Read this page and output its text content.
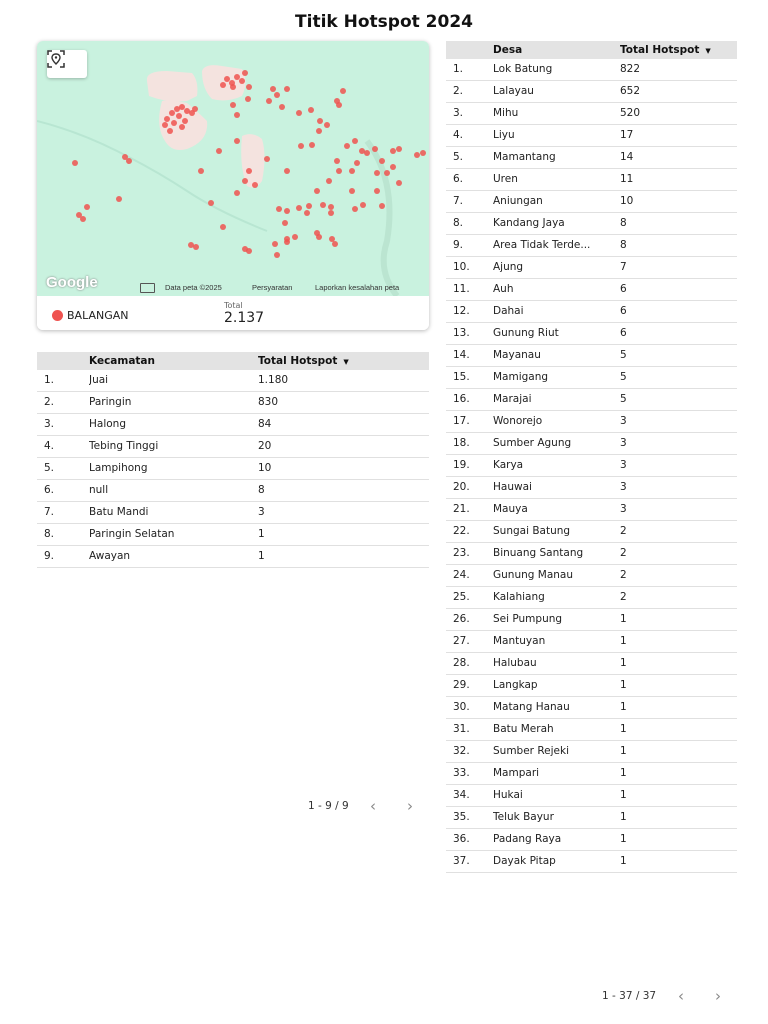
Titik Hotspot 2024
Google	Data peta ©2025	Persyaratan	Laporkan kesalahan peta
BALANGAN
Total
2.137
Kecamatan	Total Hotspot ▼
1.	Juai	1.180
2.	Paringin	830
3.	Halong	84
4.	Tebing Tinggi	20
5.	Lampihong	10
6.	null	8
7.	Batu Mandi	3
8.	Paringin Selatan	1
9.	Awayan	1
1 - 9 / 9 ‹ ›
Desa	Total Hotspot ▼
1.	Lok Batung	822
2.	Lalayau	652
3.	Mihu	520
4.	Liyu	17
5.	Mamantang	14
6.	Uren	11
7.	Aniungan	10
8.	Kandang Jaya	8
9.	Area Tidak Terde...	8
10. Ajung	7
11. Auh	6
12. Dahai	6
13. Gunung Riut	6
14. Mayanau	5
15. Mamigang	5
16. Marajai	5
17. Wonorejo	3
18. Sumber Agung	3
19. Karya	3
20. Hauwai	3
21. Mauya	3
22. Sungai Batung	2
23. Binuang Santang	2
24. Gunung Manau	2
25. Kalahiang	2
26. Sei Pumpung	1
27. Mantuyan	1
28. Halubau	1
29. Langkap	1
30. Matang Hanau	1
31. Batu Merah	1
32. Sumber Rejeki	1
33. Mampari	1
34. Hukai	1
35. Teluk Bayur	1
36. Padang Raya	1
37. Dayak Pitap	1
1 - 37 / 37 ‹ ›
